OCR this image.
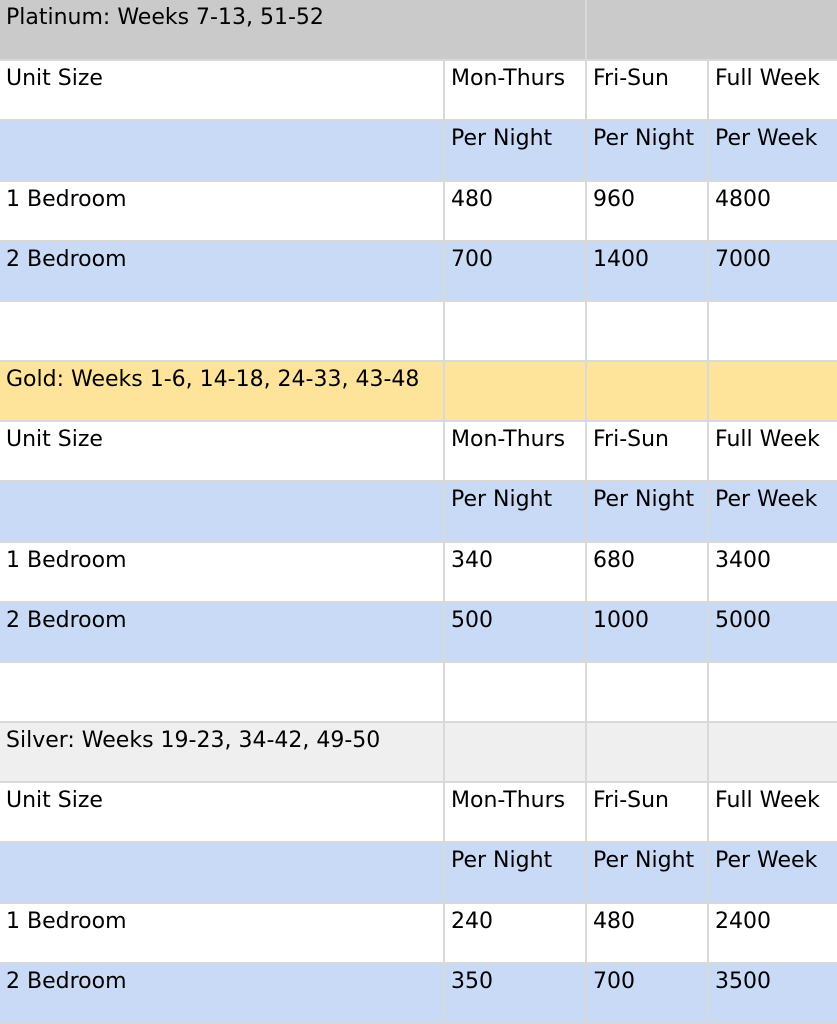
Platinum: Weeks 7-13, 51-52			
Unit Size	Mon-Thurs	Fri-Sun	Full Week
	Per Night	Per Night	Per Week
1 Bedroom	480	960	4800
2 Bedroom	700	1400	7000

Gold: Weeks 1-6, 14-18, 24-33, 43-48			
Unit Size	Mon-Thurs	Fri-Sun	Full Week
	Per Night	Per Night	Per Week
1 Bedroom	340	680	3400
2 Bedroom	500	1000	5000

Silver: Weeks 19-23, 34-42, 49-50			
Unit Size	Mon-Thurs	Fri-Sun	Full Week
	Per Night	Per Night	Per Week
1 Bedroom	240	480	2400
2 Bedroom	350	700	3500
